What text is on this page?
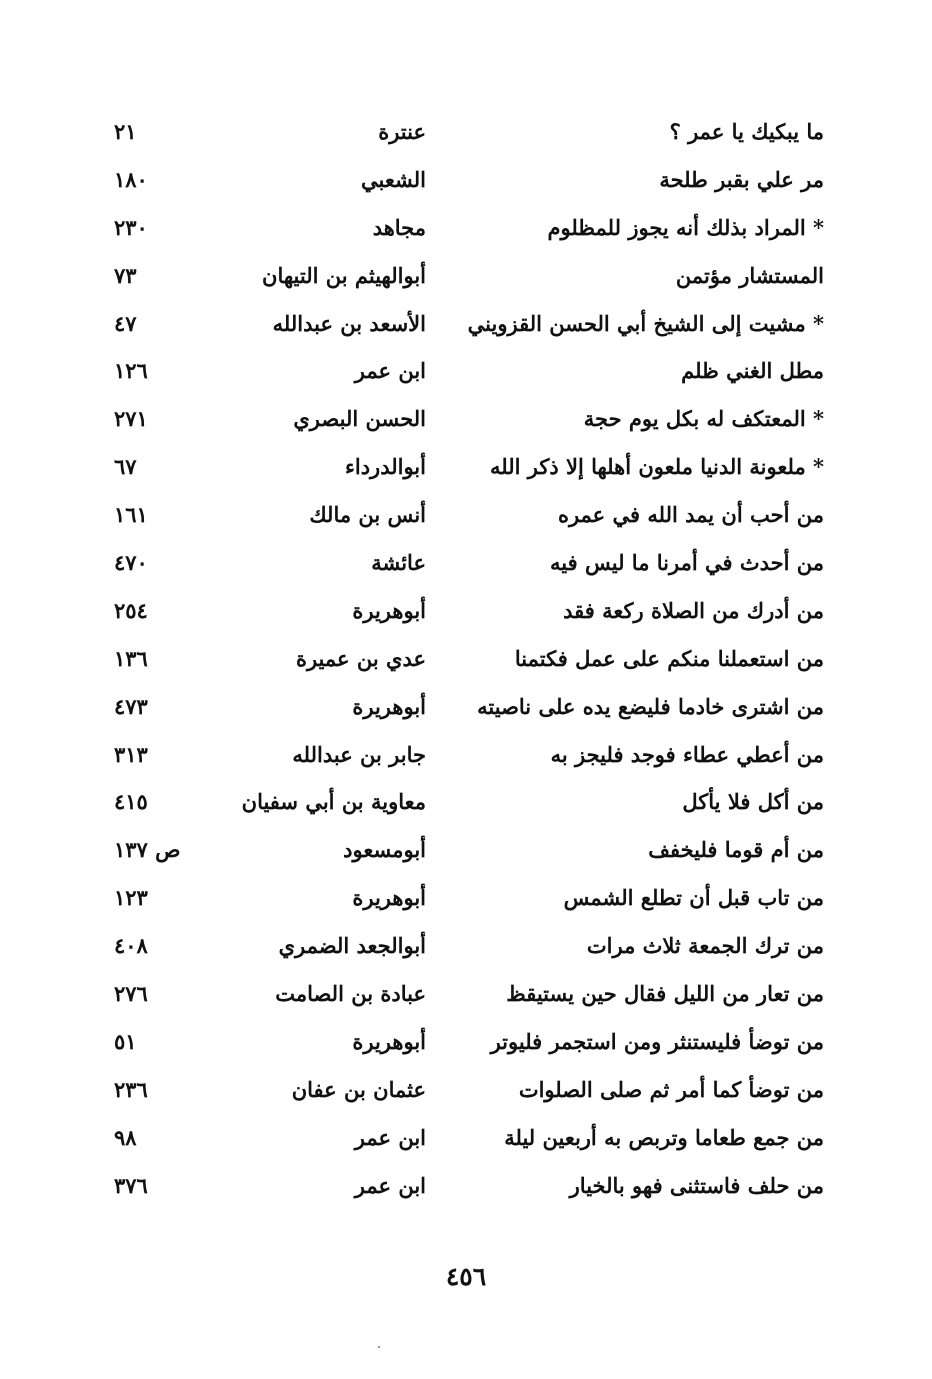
ما يبكيك يا عمر ؟
عنترة
٢١
مر علي بقبر طلحة
الشعبي
١٨٠
* المراد بذلك أنه يجوز للمظلوم
مجاهد
٢٣٠
المستشار مؤتمن
أبوالهيثم بن التيهان
٧٣
* مشيت إلى الشيخ أبي الحسن القزويني
الأسعد بن عبدالله
٤٧
مطل الغني ظلم
ابن عمر
١٢٦
* المعتكف له بكل يوم حجة
الحسن البصري
٢٧١
* ملعونة الدنيا ملعون أهلها إلا ذكر الله
أبوالدرداء
٦٧
من أحب أن يمد الله في عمره
أنس بن مالك
١٦١
من أحدث في أمرنا ما ليس فيه
عائشة
٤٧٠
من أدرك من الصلاة ركعة فقد
أبوهريرة
٢٥٤
من استعملنا منكم على عمل فكتمنا
عدي بن عميرة
١٣٦
من اشترى خادما فليضع يده على ناصيته
أبوهريرة
٤٧٣
من أعطي عطاء فوجد فليجز به
جابر بن عبدالله
٣١٣
من أكل فلا يأكل
معاوية بن أبي سفيان
٤١٥
من أم قوما فليخفف
أبومسعود
ص ١٣٧
من تاب قبل أن تطلع الشمس
أبوهريرة
١٢٣
من ترك الجمعة ثلاث مرات
أبوالجعد الضمري
٤٠٨
من تعار من الليل فقال حين يستيقظ
عبادة بن الصامت
٢٧٦
من توضأ فليستنثر ومن استجمر فليوتر
أبوهريرة
٥١
من توضأ كما أمر ثم صلى الصلوات
عثمان بن عفان
٢٣٦
من جمع طعاما وتربص به أربعين ليلة
ابن عمر
٩٨
من حلف فاستثنى فهو بالخيار
ابن عمر
٣٧٦
٤٥٦
